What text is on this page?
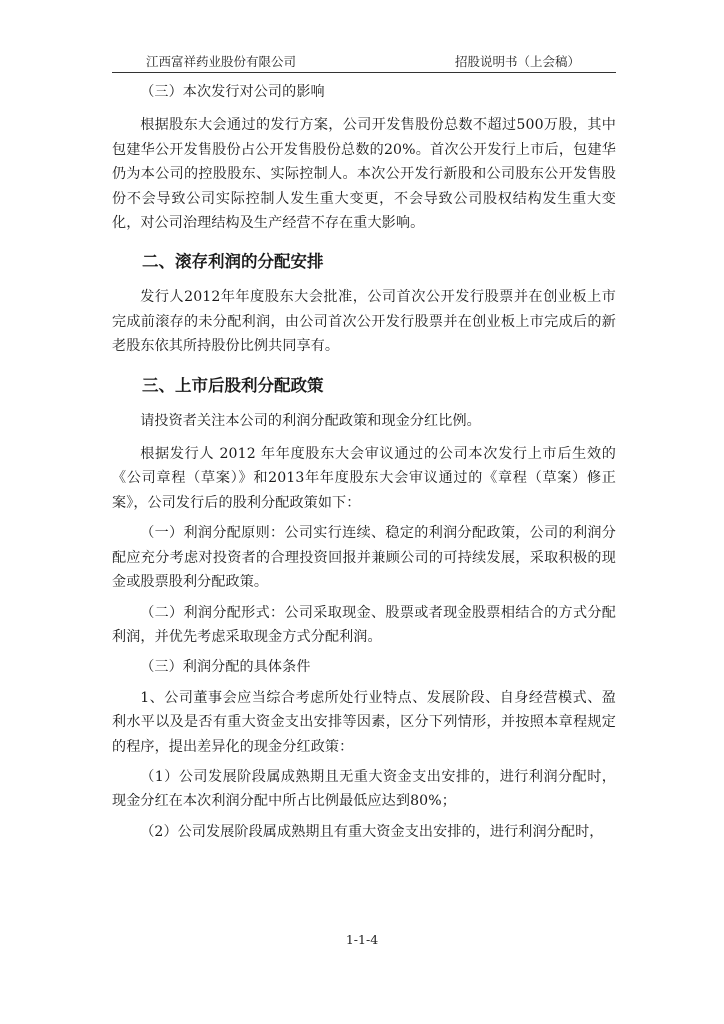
江西富祥药业股份有限公司	招股说明书（上会稿）

（三）本次发行对公司的影响

根据股东大会通过的发行方案，公司开发售股份总数不超过500万股，其中包建华公开发售股份占公开发售股份总数的20%。首次公开发行上市后，包建华仍为本公司的控股股东、实际控制人。本次公开发行新股和公司股东公开发售股份不会导致公司实际控制人发生重大变更，不会导致公司股权结构发生重大变化，对公司治理结构及生产经营不存在重大影响。

二、滚存利润的分配安排

发行人2012年年度股东大会批准，公司首次公开发行股票并在创业板上市完成前滚存的未分配利润，由公司首次公开发行股票并在创业板上市完成后的新老股东依其所持股份比例共同享有。

三、上市后股利分配政策

请投资者关注本公司的利润分配政策和现金分红比例。

根据发行人 2012 年年度股东大会审议通过的公司本次发行上市后生效的《公司章程（草案）》和2013年年度股东大会审议通过的《章程（草案）修正案》，公司发行后的股利分配政策如下：

（一）利润分配原则：公司实行连续、稳定的利润分配政策，公司的利润分配应充分考虑对投资者的合理投资回报并兼顾公司的可持续发展，采取积极的现金或股票股利分配政策。

（二）利润分配形式：公司采取现金、股票或者现金股票相结合的方式分配利润，并优先考虑采取现金方式分配利润。

（三）利润分配的具体条件

1、公司董事会应当综合考虑所处行业特点、发展阶段、自身经营模式、盈利水平以及是否有重大资金支出安排等因素，区分下列情形，并按照本章程规定的程序，提出差异化的现金分红政策：

（1）公司发展阶段属成熟期且无重大资金支出安排的，进行利润分配时，现金分红在本次利润分配中所占比例最低应达到80%；

（2）公司发展阶段属成熟期且有重大资金支出安排的，进行利润分配时，

1-1-4
